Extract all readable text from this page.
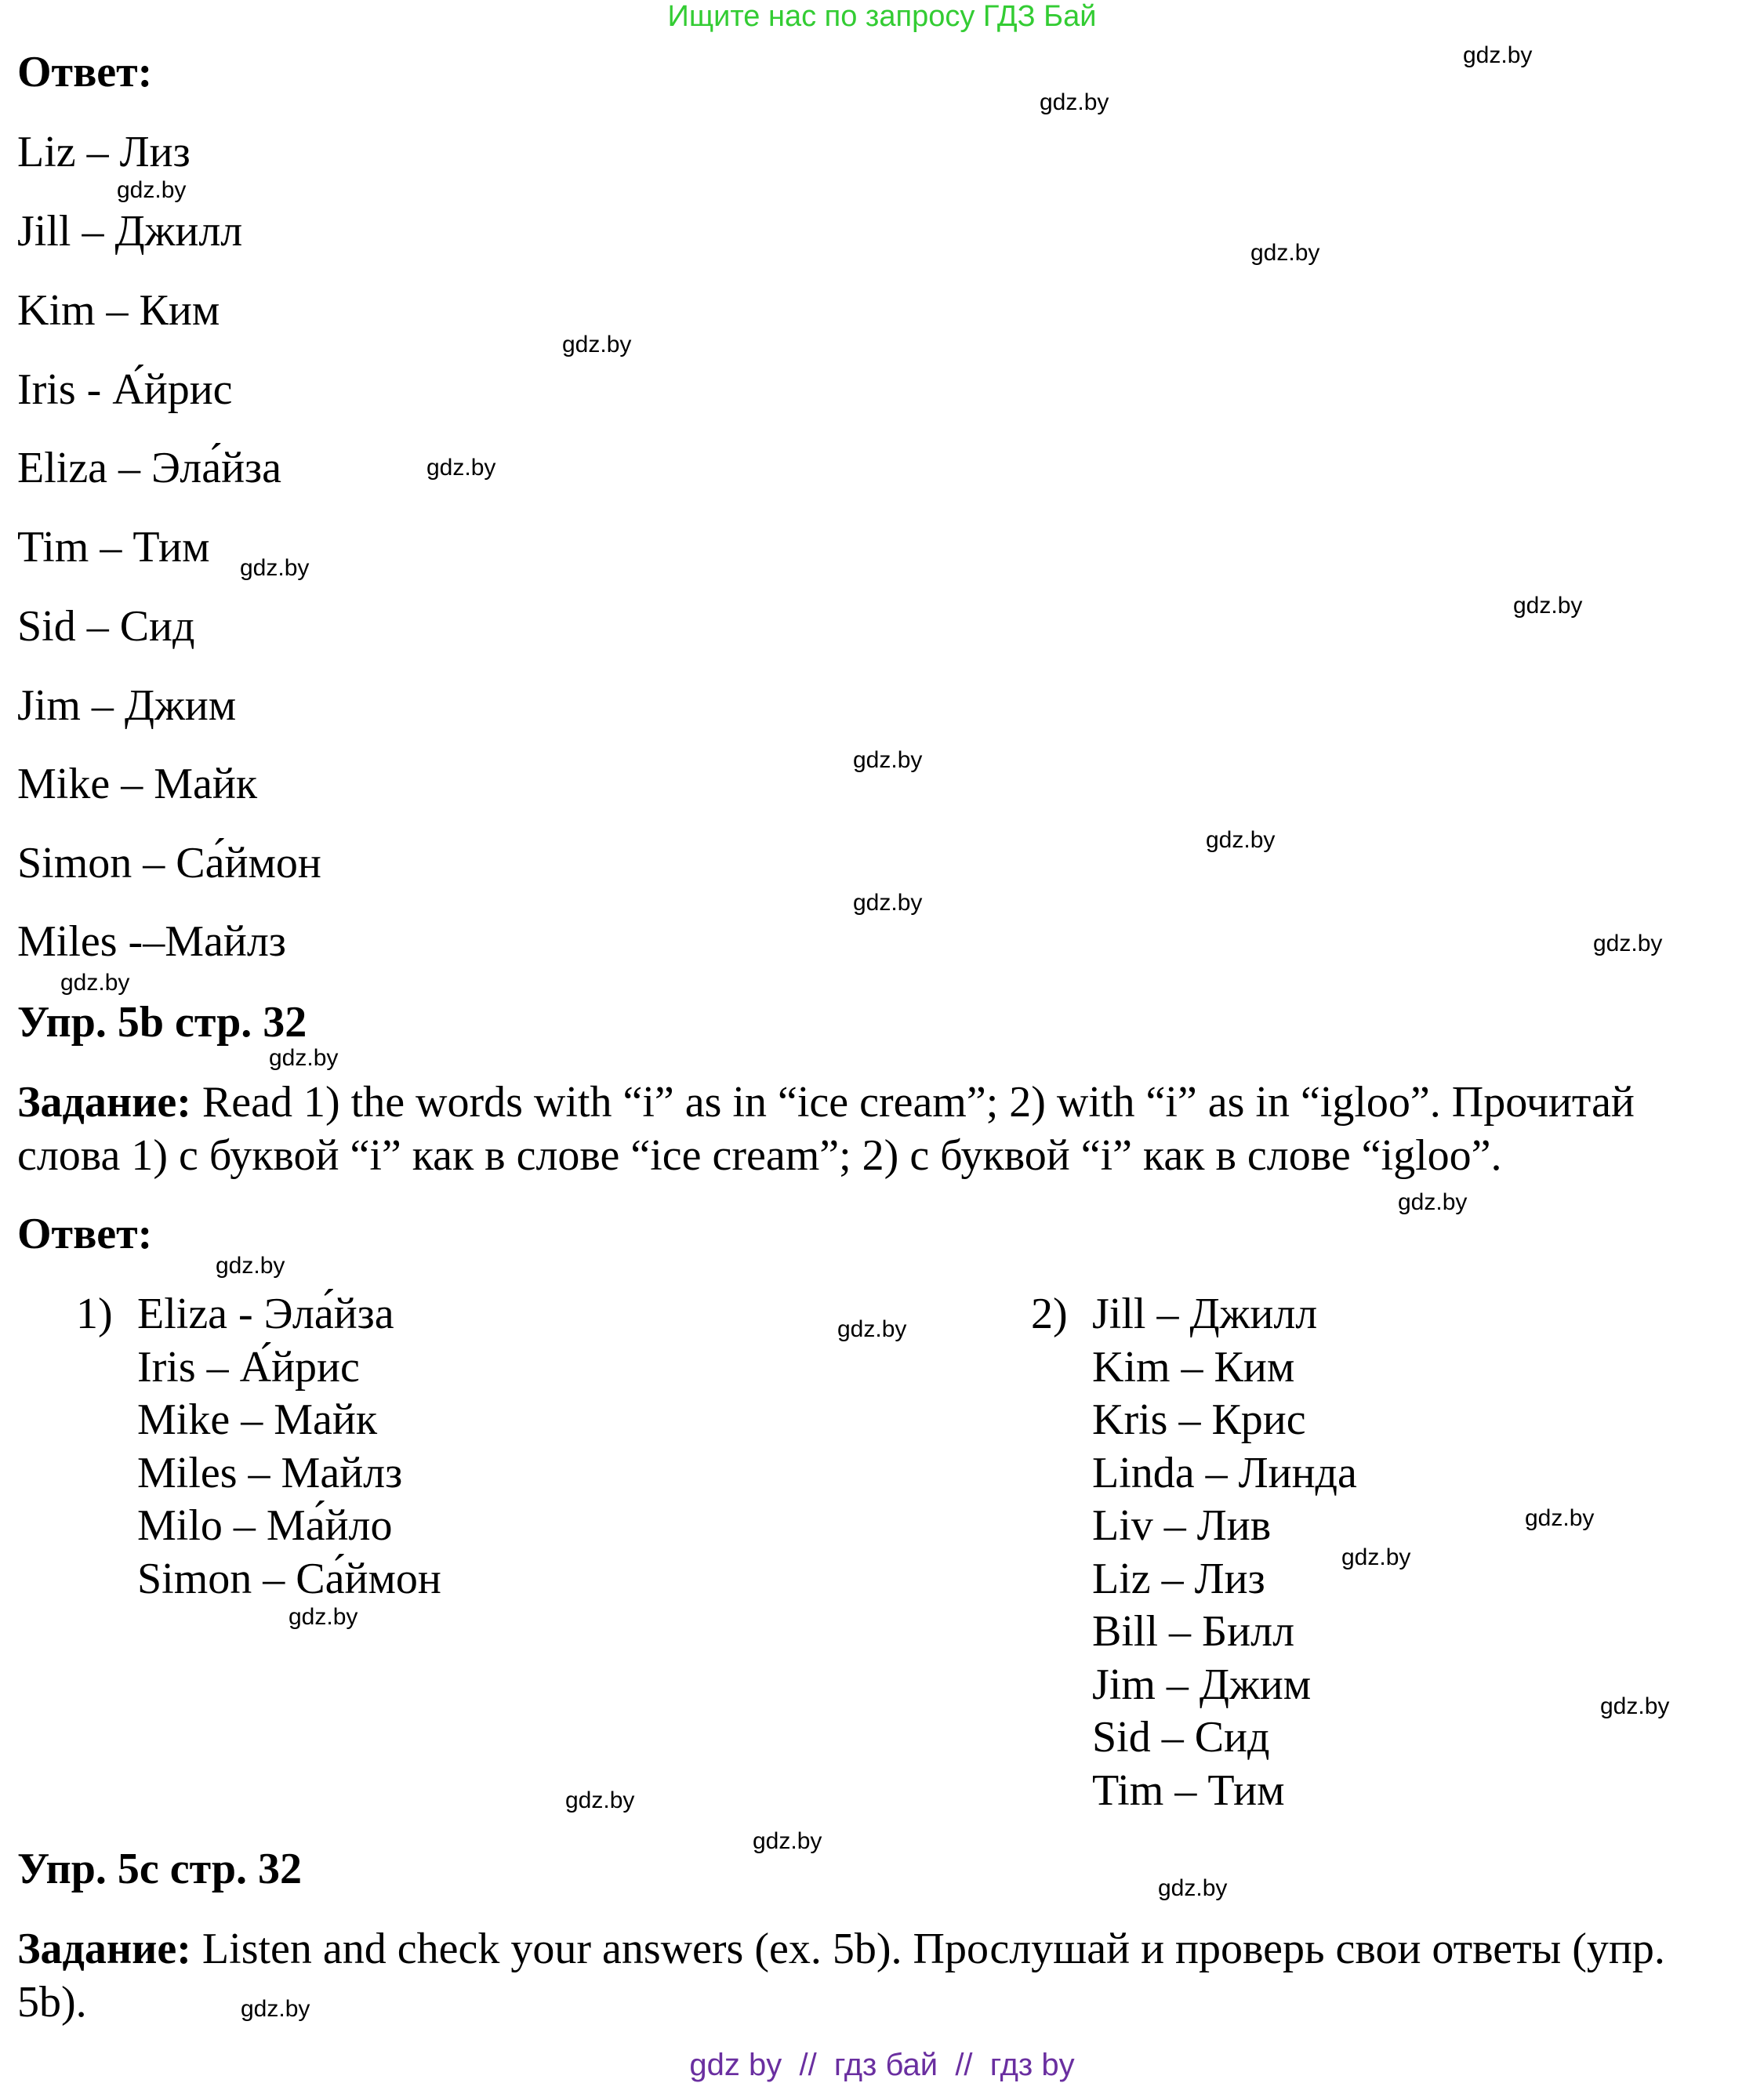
Ищите нас по запросу ГДЗ Бай
Ответ:
Liz – Лиз
Jill – Джилл
Kim – Ким
Iris - А́йрис
Eliza – Эла́йза
Tim – Тим
Sid – Сид
Jim – Джим
Mike – Майк
Simon – Са́ймон
Miles -–Майлз
Упр. 5b стр. 32
Задание: Read 1) the words with “i” as in “ice cream”; 2) with “i” as in “igloo”. Прочитай слова 1) с буквой “i” как в слове “ice cream”; 2) с буквой “i” как в слове “igloo”.
Ответ:
1) Eliza - Эла́йза
Iris – А́йрис
Mike – Майк
Miles – Майлз
Milo – Ма́йло
Simon – Са́ймон
2) Jill – Джилл
Kim – Ким
Kris – Крис
Linda – Линда
Liv – Лив
Liz – Лиз
Bill – Билл
Jim – Джим
Sid – Сид
Tim – Тим
Упр. 5c стр. 32
Задание: Listen and check your answers (ex. 5b). Прослушай и проверь свои ответы (упр. 5b).
gdz.by
gdz.by
gdz.by
gdz.by
gdz.by
gdz.by
gdz.by
gdz.by
gdz.by
gdz.by
gdz.by
gdz.by
gdz.by
gdz.by
gdz.by
gdz.by
gdz.by
gdz.by
gdz.by
gdz.by
gdz.by
gdz.by
gdz.by
gdz.by
gdz.by
gdz by  //  гдз бай  //  гдз by
